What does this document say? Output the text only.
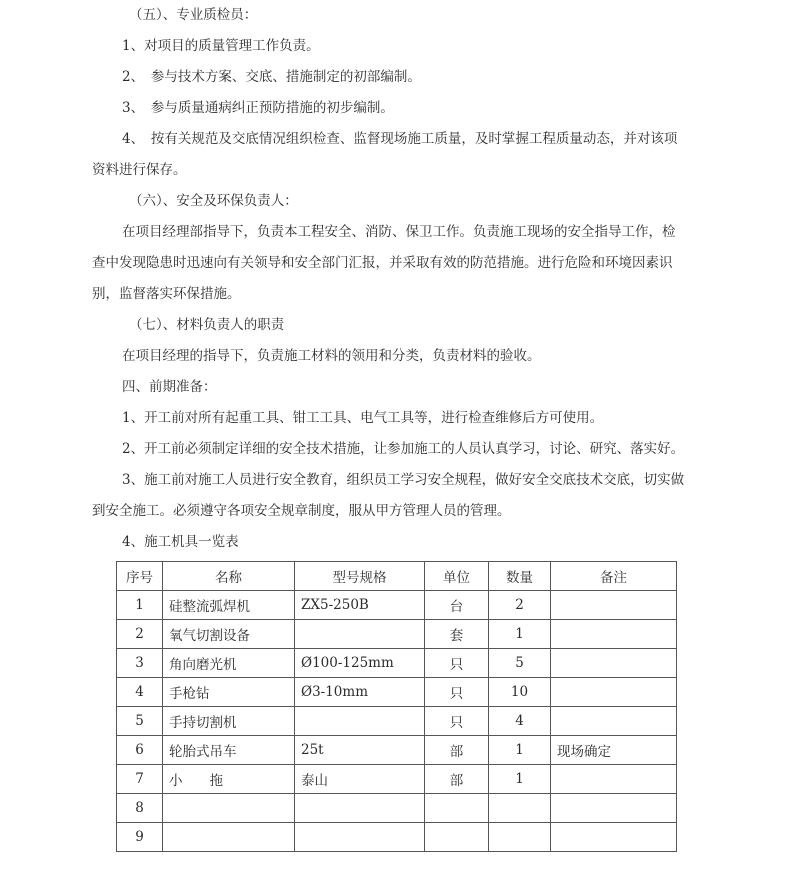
（五）、专业质检员：
1、对项目的质量管理工作负责。
2、　参与技术方案、交底、措施制定的初部编制。
3、　参与质量通病纠正预防措施的初步编制。
4、　按有关规范及交底情况组织检查、监督现场施工质量，及时掌握工程质量动态，并对该项
资料进行保存。
（六）、安全及环保负责人：
在项目经理部指导下，负责本工程安全、消防、保卫工作。负责施工现场的安全指导工作，检
查中发现隐患时迅速向有关领导和安全部门汇报，并采取有效的防范措施。进行危险和环境因素识
别，监督落实环保措施。
（七）、材料负责人的职责
在项目经理的指导下，负责施工材料的领用和分类，负责材料的验收。
四、前期准备：
1、开工前对所有起重工具、钳工工具、电气工具等，进行检查维修后方可使用。
2、开工前必须制定详细的安全技术措施，让参加施工的人员认真学习，讨论、研究、落实好。
3、施工前对施工人员进行安全教育，组织员工学习安全规程，做好安全交底技术交底，切实做
到安全施工。必须遵守各项安全规章制度，服从甲方管理人员的管理。
4、施工机具一览表
序号	名称	型号规格	单位	数量	备注
1	硅整流弧焊机	ZX5-250B	台	2	
2	氧气切割设备		套	1	
3	角向磨光机	Ø100-125mm	只	5	
4	手枪钻	Ø3-10mm	只	10	
5	手持切割机		只	4	
6	轮胎式吊车	25t	部	1	现场确定
7	小　　拖	泰山	部	1	
8					
9					
